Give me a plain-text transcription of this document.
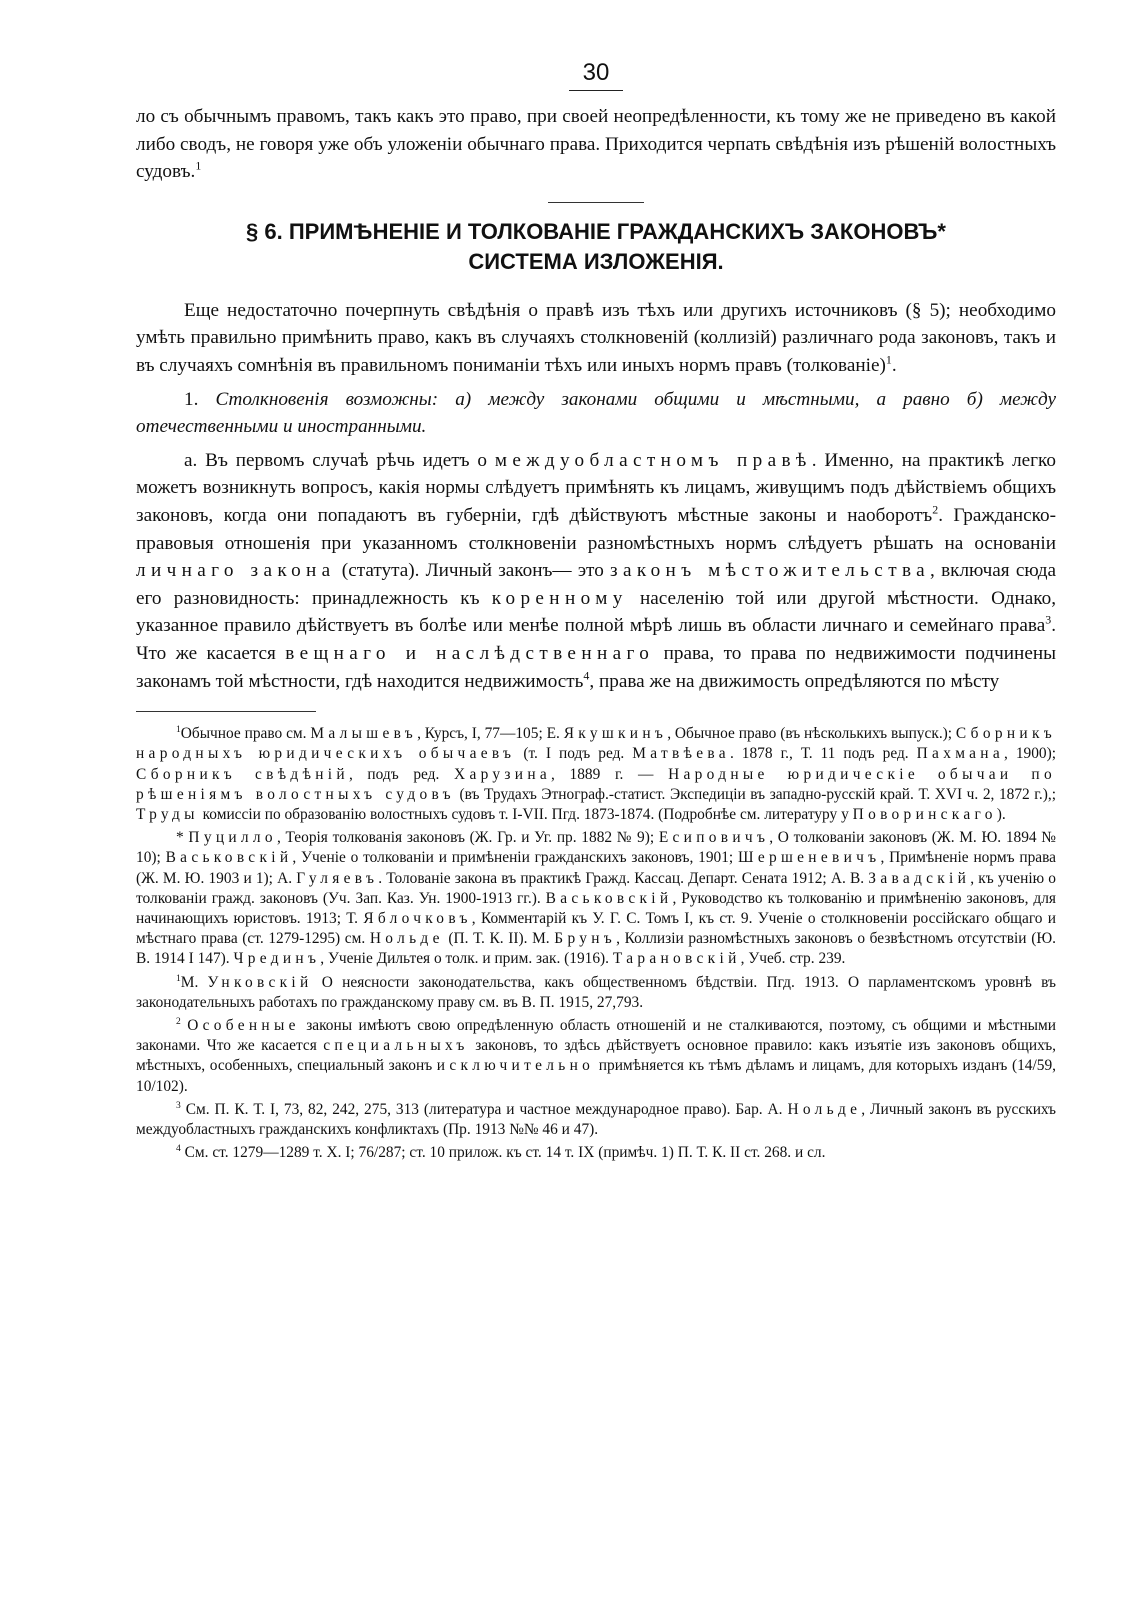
30

ло съ обычнымъ правомъ, такъ какъ это право, при своей неопредѣленности, къ тому же не приведено въ какой либо сводъ, не говоря уже объ уложеніи обычнаго права. Приходится черпать свѣдѣнія изъ рѣшеній волостныхъ судовъ.$^1$

§ 6. ПРИМѢНЕНІЕ И ТОЛКОВАНІЕ ГРАЖДАНСКИХЪ ЗАКОНОВЪ*
СИСТЕМА ИЗЛОЖЕНІЯ.

Еще недостаточно почерпнуть свѣдѣнія о правѣ изъ тѣхъ или другихъ источниковъ (§ 5); необходимо умѣть правильно примѣнить право, какъ въ случаяхъ столкновеній (коллизій) различнаго рода законовъ, такъ и въ случаяхъ сомнѣнія въ правильномъ пониманіи тѣхъ или иныхъ нормъ правъ (толкованіе)$^1$.

1. Столкновенія возможны: а) между законами общими и мѣстными, а равно б) между отечественными и иностранными.

а. Въ первомъ случаѣ рѣчь идетъ о междуобластномъ правѣ. Именно, на практикѣ легко можетъ возникнуть вопросъ, какія нормы слѣдуетъ примѣнять къ лицамъ, живущимъ подъ дѣйствіемъ общихъ законовъ, когда они попадаютъ въ губерніи, гдѣ дѣйствуютъ мѣстные законы и наоборотъ$^2$. Гражданско-правовыя отношенія при указанномъ столкновеніи разномѣстныхъ нормъ слѣдуетъ рѣшать на основаніи личнаго закона (статута). Личный законъ— это законъ мѣстожительства, включая сюда его разновидность: принадлежность къ коренному населенію той или другой мѣстности. Однако, указанное правило дѣйствуетъ въ болѣе или менѣе полной мѣрѣ лишь въ области личнаго и семейнаго права$^3$. Что же касается вещнаго и наслѣдственнаго права, то права по недвижимости подчинены законамъ той мѣстности, гдѣ находится недвижимость$^4$, права же на движимость опредѣляются по мѣсту

$^1$Обычное право см. Малышевъ, Курсъ, I, 77—105; Е. Якушкинъ, Обычное право (въ нѣсколькихъ выпуск.); Сборникъ народныхъ юридическихъ обычаевъ (т. I подъ ред. Матвѣева. 1878 г., Т. 11 подъ ред. Пахмана, 1900); Сборникъ свѣдѣній, подъ ред. Харузина, 1889 г. — Народные юридическіе обычаи по рѣшеніямъ волостныхъ судовъ (въ Трудахъ Этнограф.-статист. Экспедиціи въ западно-русскій край. Т. XVI ч. 2, 1872 г.),; Труды комиссіи по образованію волостныхъ судовъ т. I-VII. Пгд. 1873-1874. (Подробнѣе см. литературу у Поворинскаго).

* Пуцилло, Теорія толкованія законовъ (Ж. Гр. и Уг. пр. 1882 № 9); Есиповичъ, О толкованіи законовъ (Ж. М. Ю. 1894 № 10); Васьковскій, Ученіе о толкованіи и примѣненіи гражданскихъ законовъ, 1901; Шершеневичъ, Примѣненіе нормъ права (Ж. М. Ю. 1903 и 1); А. Гуляевъ. Толованіе закона въ практикѣ Гражд. Кассац. Департ. Сената 1912; А. В. Завадскій, къ ученію о толкованіи гражд. законовъ (Уч. Зап. Каз. Ун. 1900-1913 гг.). Васьковскій, Руководство къ толкованію и примѣненію законовъ, для начинающихъ юристовъ. 1913; Т. Яблочковъ, Комментарій къ У. Г. С. Томъ I, къ ст. 9. Ученіе о столкновеніи россійскаго общаго и мѣстнаго права (ст. 1279-1295) см. Нольде (П. Т. К. II). М. Брунъ, Коллизіи разномѣстныхъ законовъ о безвѣстномъ отсутствіи (Ю. В. 1914 I 147). Чрединъ, Ученіе Дильтея о толк. и прим. зак. (1916). Тарановскій, Учеб. стр. 239.

$^1$М. Унковскій О неясности законодательства, какъ общественномъ бѣдствіи. Пгд. 1913. О парламентскомъ уровнѣ въ законодательныхъ работахъ по гражданскому праву см. въ В. П. 1915, 27,793.

$^2$ Особенные законы имѣютъ свою опредѣленную область отношеній и не сталкиваются, поэтому, съ общими и мѣстными законами. Что же касается специальныхъ законовъ, то здѣсь дѣйствуетъ основное правило: какъ изъятіе изъ законовъ общихъ, мѣстныхъ, особенныхъ, специальный законъ исключительно примѣняется къ тѣмъ дѣламъ и лицамъ, для которыхъ изданъ (14/59, 10/102).

$^3$ См. П. К. Т. I, 73, 82, 242, 275, 313 (литература и частное международное право). Бар. А. Нольде, Личный законъ въ русскихъ междуобластныхъ гражданскихъ конфликтахъ (Пр. 1913 №№ 46 и 47).

$^4$ См. ст. 1279—1289 т. X. I; 76/287; ст. 10 прилож. къ ст. 14 т. IX (примѣч. 1) П. Т. К. II ст. 268. и сл.
